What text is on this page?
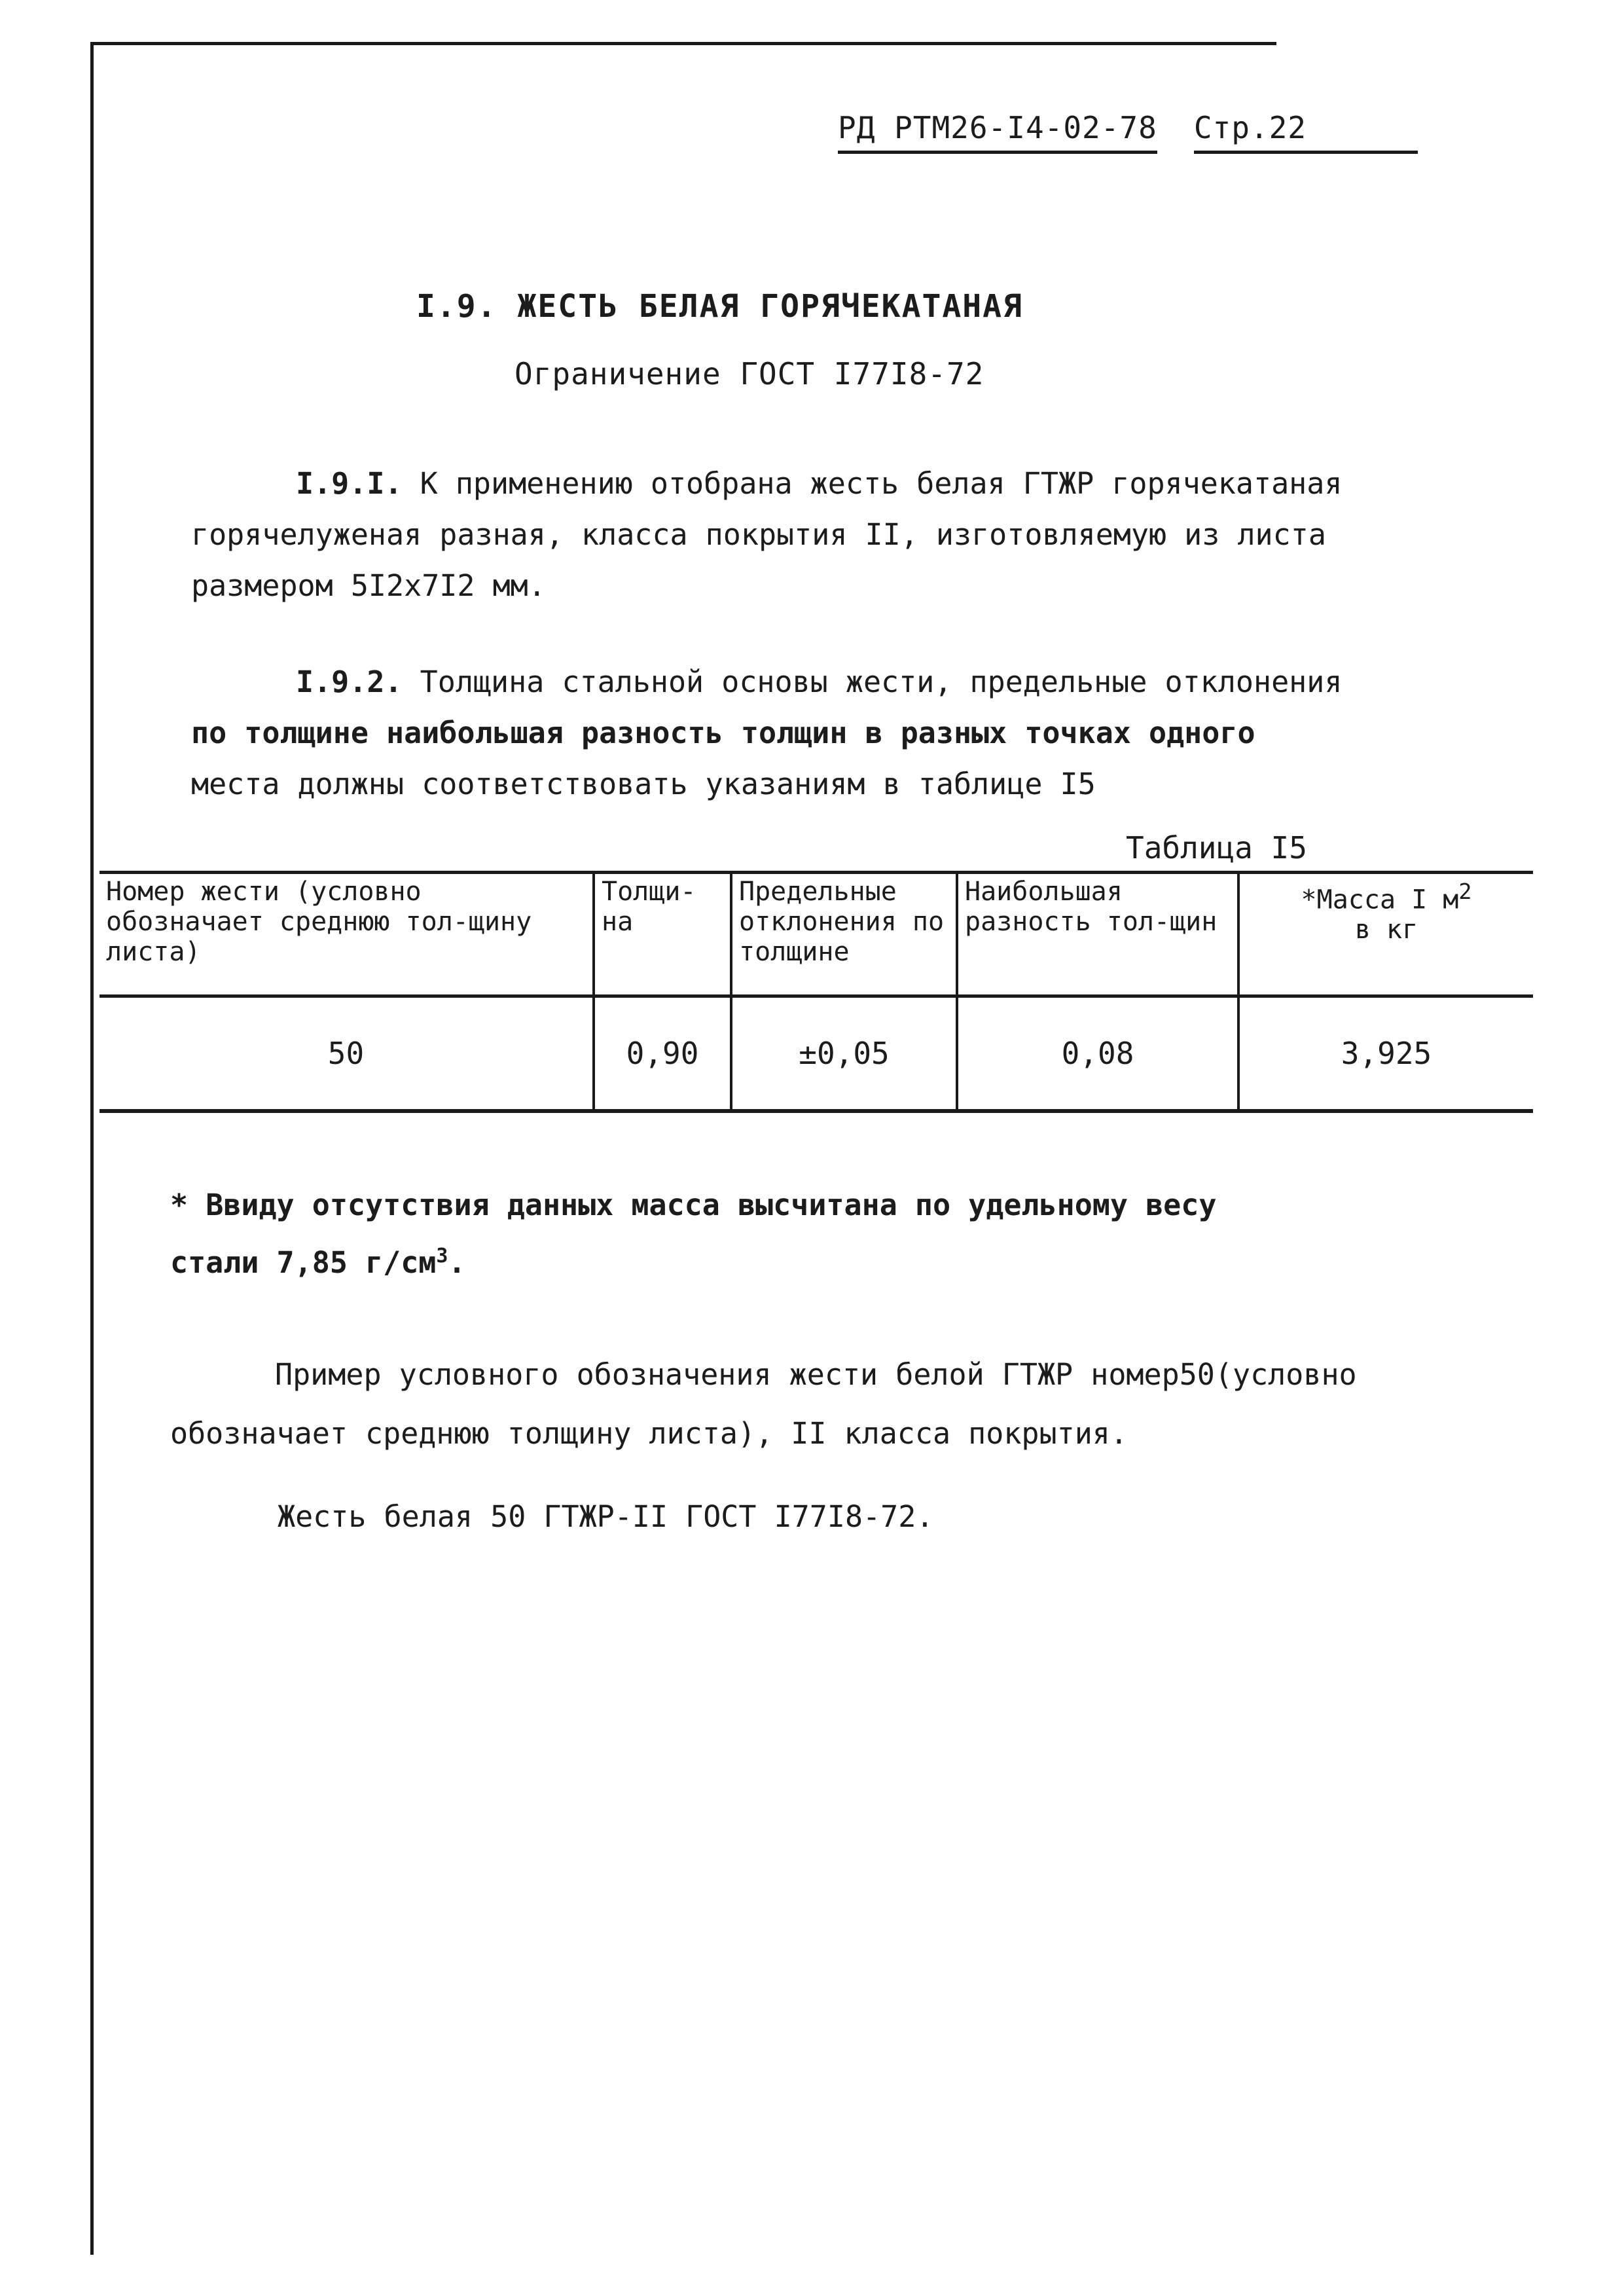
РД РТМ26-I4-02-78 Стр.22
I.9. ЖЕСТЬ БЕЛАЯ ГОРЯЧЕКАТАНАЯ
Ограничение ГОСТ I77I8-72

I.9.I. К применению отобрана жесть белая ГТЖР горячекатаная
горячелуженая разная, класса покрытия II, изготовляемую из листа
размером 5I2х7I2 мм.

I.9.2. Толщина стальной основы жести, предельные отклонения
по толщине наибольшая разность толщин в разных точках одного
места должны соответствовать указаниям в таблице I5

Таблица I5
Номер жести (условно обозначает среднюю тол-щину листа)	Толщи-на	Предельные отклонения по толщине	Наибольшая разность тол-щин	*Масса I $м^2$
в кг
50	0,90	±0,05	0,08	3,925

* Ввиду отсутствия данных масса высчитана по удельному весу
стали 7,85 $г/см^3$.

Пример условного обозначения жести белой ГТЖР номер50(условно
обозначает среднюю толщину листа), II класса покрытия.

Жесть белая 50 ГТЖР-II ГОСТ I77I8-72.
